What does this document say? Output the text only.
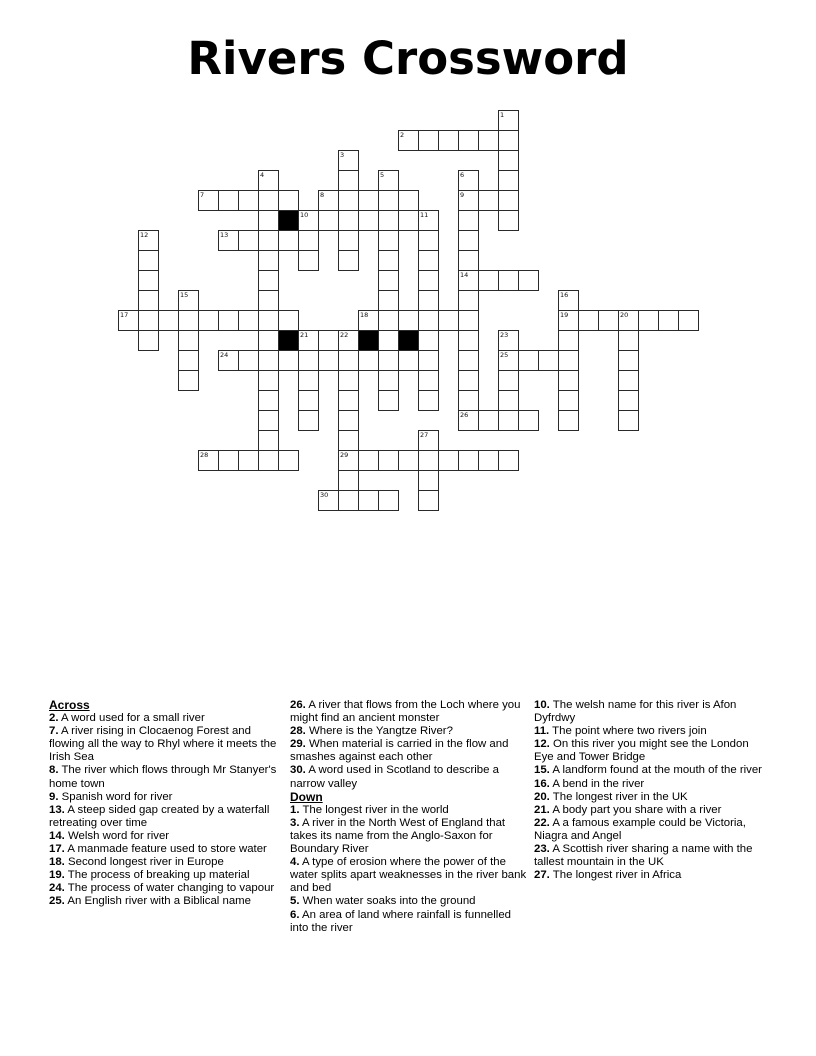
Rivers Crossword
1
2
3
4	5	6
7	8	9
10	11
12	13
14
15	16
17	18	19	20
21	22	23
24	25
26
27
28	29
30
Across
2. A word used for a small river
7. A river rising in Clocaenog Forest and flowing all the way to Rhyl where it meets the Irish Sea
8. The river which flows through Mr Stanyer's home town
9. Spanish word for river
13. A steep sided gap created by a waterfall retreating over time
14. Welsh word for river
17. A manmade feature used to store water
18. Second longest river in Europe
19. The process of breaking up material
24. The process of water changing to vapour
25. An English river with a Biblical name
26. A river that flows from the Loch where you might find an ancient monster
28. Where is the Yangtze River?
29. When material is carried in the flow and smashes against each other
30. A word used in Scotland to describe a narrow valley
Down
1. The longest river in the world
3. A river in the North West of England that takes its name from the Anglo-Saxon for Boundary River
4. A type of erosion where the power of the water splits apart weaknesses in the river bank and bed
5. When water soaks into the ground
6. An area of land where rainfall is funnelled into the river
10. The welsh name for this river is Afon Dyfrdwy
11. The point where two rivers join
12. On this river you might see the London Eye and Tower Bridge
15. A landform found at the mouth of the river
16. A bend in the river
20. The longest river in the UK
21. A body part you share with a river
22. A a famous example could be Victoria, Niagra and Angel
23. A Scottish river sharing a name with the tallest mountain in the UK
27. The longest river in Africa
